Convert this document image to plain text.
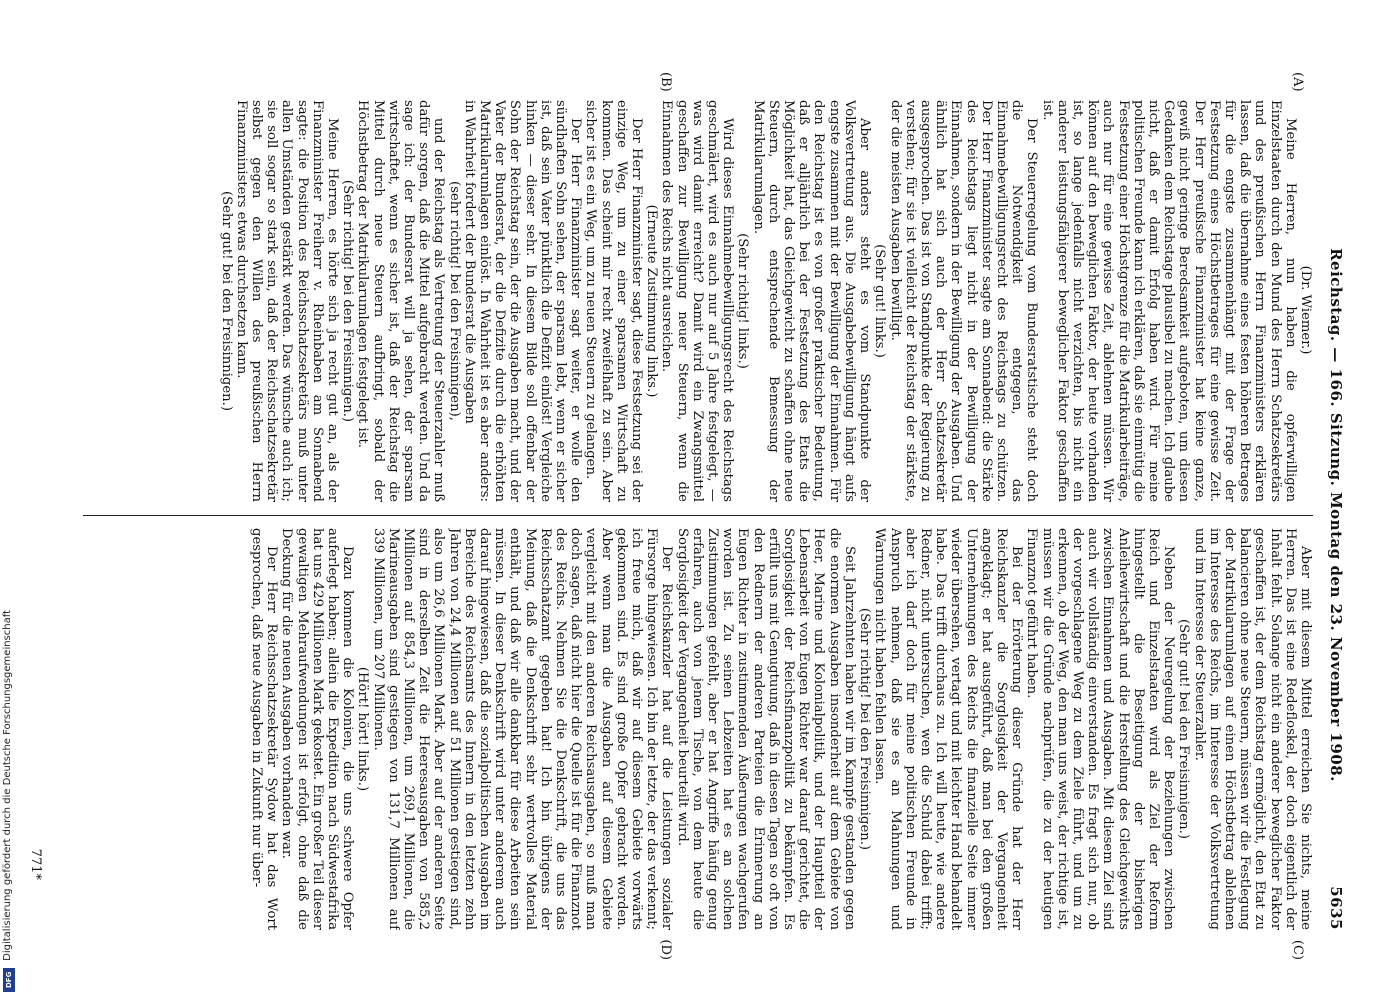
Digitalisierung gefördert durch die Deutsche Forschungsgemeinschaft
DFG
Reichstag. — 166. Sitzung. Montag den 23. November 1908.
5635
(A)
(B)
(C)
(D)

(Dr. Wiemer.)

Meine Herren, nun haben die opferwilligen Einzelstaaten durch den Mund des Herrn Schatzsekretärs und des preußischen Herrn Finanzministers erklären lassen, daß die übernahme eines festen höheren Betrages für die engste zusammenhängt mit der Frage der Festsetzung eines Höchstbetrages für eine gewisse Zeit. Der Herr preußische Finanzminister hat keine ganze, gewiß nicht geringe Beredsamkeit aufgeboten, um diesen Gedanken dem Reichstage plausibel zu machen. Ich glaube nicht, daß er damit Erfolg haben wird. Für meine politischen Freunde kann ich erklären, daß sie einmütig die Festsetzung einer Höchstgrenze für die Matrikularbeiträge, auch nur für eine gewisse Zeit, ablehnen müssen. Wir können auf den beweglichen Faktor, der heute vorhanden ist, so lange jedenfalls nicht verzichten, bis nicht ein anderer leistungsfähigerer beweglicher Faktor geschaffen ist.

Der Steuerregelung vom Bundesratstische steht doch die Notwendigkeit entgegen, das Einnahmebewilligungsrecht des Reichstags zu schützen. Der Herr Finanzminister sagte am Sonnabend: die Stärke des Reichstags liegt nicht in der Bewilligung der Einnahmen, sondern in der Bewilligung der Ausgaben. Und ähnlich hat sich auch der Herr Schatzsekretär ausgesprochen. Das ist von Standpunkte der Regierung zu verstehen; für sie ist vielleicht der Reichstag der stärkste, der die meisten Ausgaben bewilligt.

(Sehr gut! links.)

Aber anders steht es vom Standpunkte der Volksvertretung aus. Die Ausgabebewilligung hängt aufs engste zusammen mit der Bewilligung der Einnahmen. Für den Reichstag ist es von großer praktischer Bedeutung, daß er alljährlich bei der Festsetzung des Etats die Möglichkeit hat, das Gleichgewicht zu schaffen ohne neue Steuern, durch entsprechende Bemessung der Matrikularumlagen.

(Sehr richtig! links.)

Wird dieses Einnahmebewilligungsrecht des Reichstags geschmälert, wird es auch nur auf 5 Jahre festgelegt, — was wird damit erreicht? Damit wird ein Zwangsmittel geschaffen zur Bewilligung neuer Steuern, wenn die Einnahmen des Reichs nicht ausreichen.

(Erneute Zustimmung links.)

Der Herr Finanzminister sagt, diese Festsetzung sei der einzige Weg, um zu einer sparsamen Wirtschaft zu kommen. Das scheint mir recht zweifelhaft zu sein. Aber sicher ist es ein Weg, um zu neuen Steuern zu gelangen.

Der Herr Finanzminister sagt weiter, er wolle den sündhaften Sohn sehen, der sparsam lebt, wenn er sicher ist, daß sein Vater pünktlich die Defizit einlöst! Vergleiche hinken — dieser sehr. In diesem Bilde soll offenbar der Sohn der Reichstag sein, der die Ausgaben macht, und der Vater der Bundesrat, der die Defizite durch die erhöhten Matrikularumlagen einlöst. In Wahrheit ist es aber anders: in Wahrheit fordert der Bundesrat die Ausgaben

(sehr richtig! bei den Freisinnigen),

und der Reichstag als Vertretung der Steuerzahler muß dafür sorgen, daß die Mittel aufgebracht werden. Und da sage ich: der Bundesrat will ja sehen, der sparsam wirtschaftet, wenn es sicher ist, daß der Reichstag die Mittel durch neue Steuern aufbringt, sobald der Höchstbetrag der Matrikularumlagen festgelegt ist.

(Sehr richtig! bei den Freisinnigen.)

Meine Herren, es hörte sich ja recht gut an, als der Finanzminister Freiherr v. Rheinbaben am Sonnabend sagte: die Position des Reichsschatzsekretärs muß unter allen Umständen gestärkt werden. Das wünsche auch ich; sie soll sogar so stark sein, daß der Reichsschatzsekretär selbst gegen den Willen des preußischen Herrn Finanzministers etwas durchsetzen kann.

(Sehr gut! bei den Freisinnigen.)

Aber mit diesem Mittel erreichen Sie nichts, meine Herren. Das ist eine Redefloskel, der doch eigentlich der Inhalt fehlt. Solange nicht ein anderer beweglicher Faktor geschaffen ist, der dem Reichstag ermöglicht, den Etat zu balancieren ohne neue Steuern, müssen wir die Festlegung der Matrikularumlagen auf einen Höchstbetrag ablehnen im Interesse des Reichs, im Interesse der Volksvertretung und im Interesse der Steuerzahler.

(Sehr gut! bei den Freisinnigen.)

Neben der Neuregelung der Beziehungen zwischen Reich und Einzelstaaten wird als Ziel der Reform hingestellt die Beseitigung der bisherigen Anleihewirtschaft und die Herstellung des Gleichgewichts zwischen Einnahmen und Ausgaben. Mit diesem Ziel sind auch wir vollständig einverstanden. Es fragt sich nur, ob der vorgeschlagene Weg zu dem Ziele führt, und um zu erkennen, ob der Weg, den man uns weist, der richtige ist, müssen wir die Gründe nachprüfen, die zu der heutigen Finanznot geführt haben.

Bei der Erörterung dieser Gründe hat der Herr Reichskanzler die Sorglosigkeit der Vergangenheit angeklagt; er hat ausgeführt, daß man bei den großen Unternehmungen des Reichs die finanzielle Seite immer wieder übersehen, vertagt und mit leichter Hand behandelt habe. Das trifft durchaus zu. Ich will heute, wie andere Redner, nicht untersuchen, wen die Schuld dabei trifft; aber ich darf doch für meine politischen Freunde in Anspruch nehmen, daß sie es an Mahnungen und Warnungen nicht haben fehlen lassen.

(Sehr richtig! bei den Freisinnigen.)

Seit Jahrzehnten haben wir im Kampfe gestanden gegen die enormen Ausgaben insonderheit auf dem Gebiete von Heer, Marine und Kolonialpolitik, und der Hauptteil der Lebensarbeit von Eugen Richter war darauf gerichtet, die Sorglosigkeit der Reichsfinanzpolitik zu bekämpfen. Es erfüllt uns mit Genugtuung, daß in diesen Tagen so oft von den Rednern der anderen Parteien die Erinnerung an Eugen Richter in zustimmenden Äußerungen wachgerufen worden ist. Zu seinen Lebzeiten hat es an solchen Zustimmungen gefehlt, aber er hat Angriffe häufig genug erfahren, auch von jenem Tische, von dem heute die Sorglosigkeit der Vergangenheit beurteilt wird.

Der Reichskanzler hat auf die Leistungen sozialer Fürsorge hingewiesen. Ich bin der letzte, der das verkennt; ich freue mich, daß wir auf diesem Gebiete vorwärts gekommen sind. Es sind große Opfer gebracht worden. Aber wenn man die Ausgaben auf diesem Gebiete vergleicht mit den anderen Reichsausgaben, so muß man doch sagen, daß nicht hier die Quelle ist für die Finanznot des Reichs. Nehmen Sie die Denkschrift, die uns das Reichsschatzamt gegeben hat! Ich bin übrigens der Meinung, daß die Denkschrift sehr wertvolles Material enthält, und daß wir alle dankbar für diese Arbeiten sein müssen. In dieser Denkschrift wird unter anderem auch darauf hingewiesen, daß die sozialpolitischen Ausgaben im Bereiche des Reichsamts des Innern in den letzten zehn Jahren von 24,4 Millionen auf 51 Millionen gestiegen sind, also um 26,6 Millionen Mark. Aber auf der anderen Seite sind in derselben Zeit die Heeresausgaben von 585,2 Millionen auf 854,3 Millionen, um 269,1 Millionen, die Marineausgaben sind gestiegen von 131,7 Millionen auf 339 Millionen, um 207 Millionen.

(Hört! hört! links.)

Dazu kommen die Kolonien, die uns schwere Opfer auferlegt haben; allein die Expedition nach Südwestafrika hat uns 429 Millionen Mark gekostet. Ein großer Teil dieser gewaltigen Mehraufwendungen ist erfolgt, ohne daß die Deckung für die neuen Ausgaben vorhanden war.

Der Herr Reichsschatzsekretär Sydow hat das Wort gesprochen, daß neue Ausgaben in Zukunft nur über-

771*
